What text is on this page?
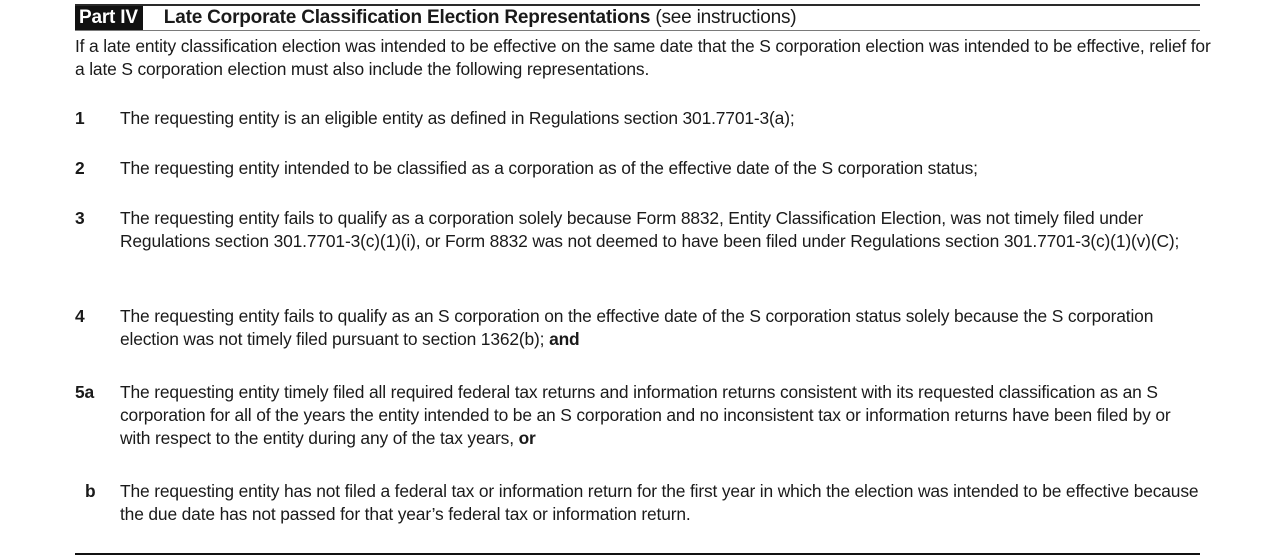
Part IV Late Corporate Classification Election Representations (see instructions)
If a late entity classification election was intended to be effective on the same date that the S corporation election was intended to be effective, relief for a late S corporation election must also include the following representations.
1	The requesting entity is an eligible entity as defined in Regulations section 301.7701-3(a);
2	The requesting entity intended to be classified as a corporation as of the effective date of the S corporation status;
3	The requesting entity fails to qualify as a corporation solely because Form 8832, Entity Classification Election, was not timely filed under Regulations section 301.7701-3(c)(1)(i), or Form 8832 was not deemed to have been filed under Regulations section 301.7701-3(c)(1)(v)(C);
4	The requesting entity fails to qualify as an S corporation on the effective date of the S corporation status solely because the S corporation election was not timely filed pursuant to section 1362(b); and
5a	The requesting entity timely filed all required federal tax returns and information returns consistent with its requested classification as an S corporation for all of the years the entity intended to be an S corporation and no inconsistent tax or information returns have been filed by or with respect to the entity during any of the tax years, or
b	The requesting entity has not filed a federal tax or information return for the first year in which the election was intended to be effective because the due date has not passed for that year’s federal tax or information return.
